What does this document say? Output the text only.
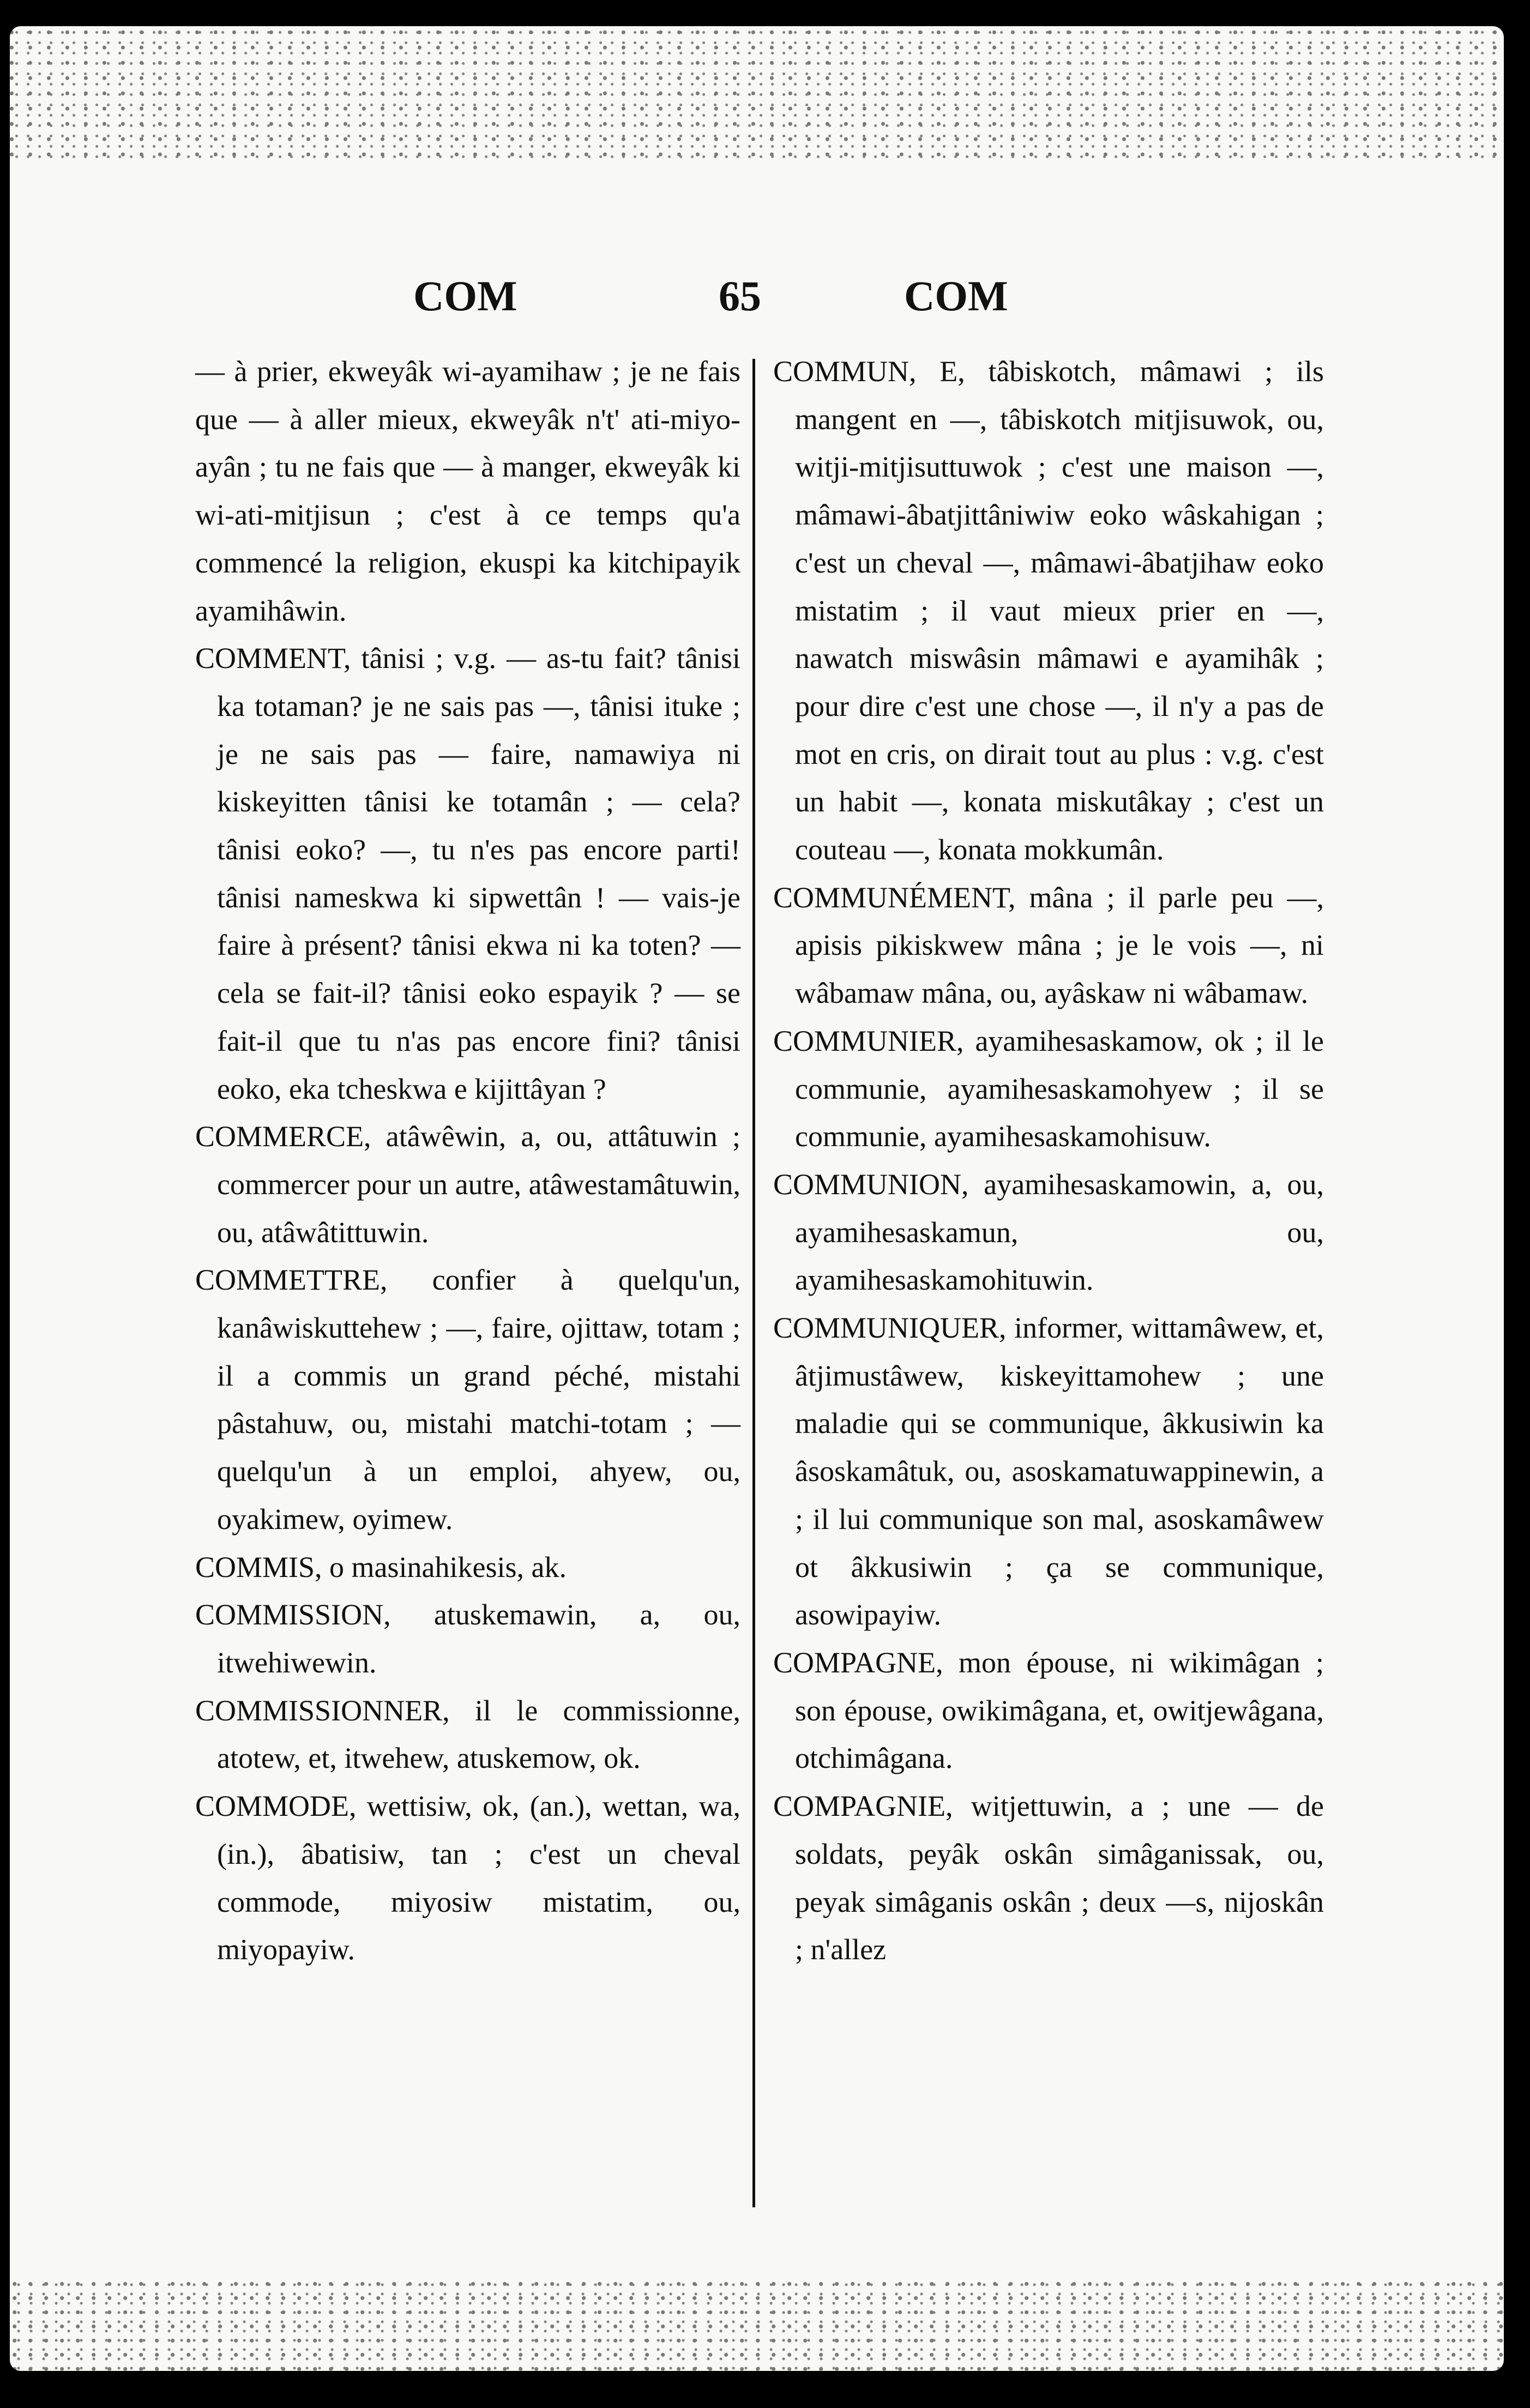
COM	65	COM

— à prier, ekweyâk wi-ayamihaw ; je ne fais que — à aller mieux, ekweyâk n't' ati-miyo-ayân ; tu ne fais que — à manger, ekweyâk ki wi-ati-mitjisun ; c'est à ce temps qu'a commencé la religion, ekuspi ka kitchipayik ayamihâwin.

COMMENT, tânisi ; v.g. — as-tu fait? tânisi ka totaman? je ne sais pas —, tânisi ituke ; je ne sais pas — faire, namawiya ni kiskeyitten tânisi ke totamân ; — cela? tânisi eoko? —, tu n'es pas encore parti! tânisi nameskwa ki sipwettân ! — vais-je faire à présent? tânisi ekwa ni ka toten? — cela se fait-il? tânisi eoko espayik ? — se fait-il que tu n'as pas encore fini? tânisi eoko, eka tcheskwa e kijittâyan ?

COMMERCE, atâwêwin, a, ou, attâtuwin ; commercer pour un autre, atâwestamâtuwin, ou, atâwâtittuwin.

COMMETTRE, confier à quelqu'un, kanâwiskuttehew ; —, faire, ojittaw, totam ; il a commis un grand péché, mistahi pâstahuw, ou, mistahi matchi-totam ; — quelqu'un à un emploi, ahyew, ou, oyakimew, oyimew.

COMMIS, o masinahikesis, ak.

COMMISSION, atuskemawin, a, ou, itwehiwewin.

COMMISSIONNER, il le commissionne, atotew, et, itwehew, atuskemow, ok.

COMMODE, wettisiw, ok, (an.), wettan, wa, (in.), âbatisiw, tan ; c'est un cheval commode, miyosiw mistatim, ou, miyopayiw.

COMMUN, E, tâbiskotch, mâmawi ; ils mangent en —, tâbiskotch mitjisuwok, ou, witji-mitjisuttuwok ; c'est une maison —, mâmawi-âbatjittâniwiw eoko wâskahigan ; c'est un cheval —, mâmawi-âbatjihaw eoko mistatim ; il vaut mieux prier en —, nawatch miswâsin mâmawi e ayamihâk ; pour dire c'est une chose —, il n'y a pas de mot en cris, on dirait tout au plus : v.g. c'est un habit —, konata miskutâkay ; c'est un couteau —, konata mokkumân.

COMMUNÉMENT, mâna ; il parle peu —, apisis pikiskwew mâna ; je le vois —, ni wâbamaw mâna, ou, ayâskaw ni wâbamaw.

COMMUNIER, ayamihesaskamow, ok ; il le communie, ayamihesaskamohyew ; il se communie, ayamihesaskamohisuw.

COMMUNION, ayamihesaskamowin, a, ou, ayamihesaskamun, ou, ayamihesaskamohituwin.

COMMUNIQUER, informer, wittamâwew, et, âtjimustâwew, kiskeyittamohew ; une maladie qui se communique, âkkusiwin ka âsoskamâtuk, ou, asoskamatuwappinewin, a ; il lui communique son mal, asoskamâwew ot âkkusiwin ; ça se communique, asowipayiw.

COMPAGNE, mon épouse, ni wikimâgan ; son épouse, owikimâgana, et, owitjewâgana, otchimâgana.

COMPAGNIE, witjettuwin, a ; une — de soldats, peyâk oskân simâganissak, ou, peyak simâganis oskân ; deux —s, nijoskân ; n'allez
